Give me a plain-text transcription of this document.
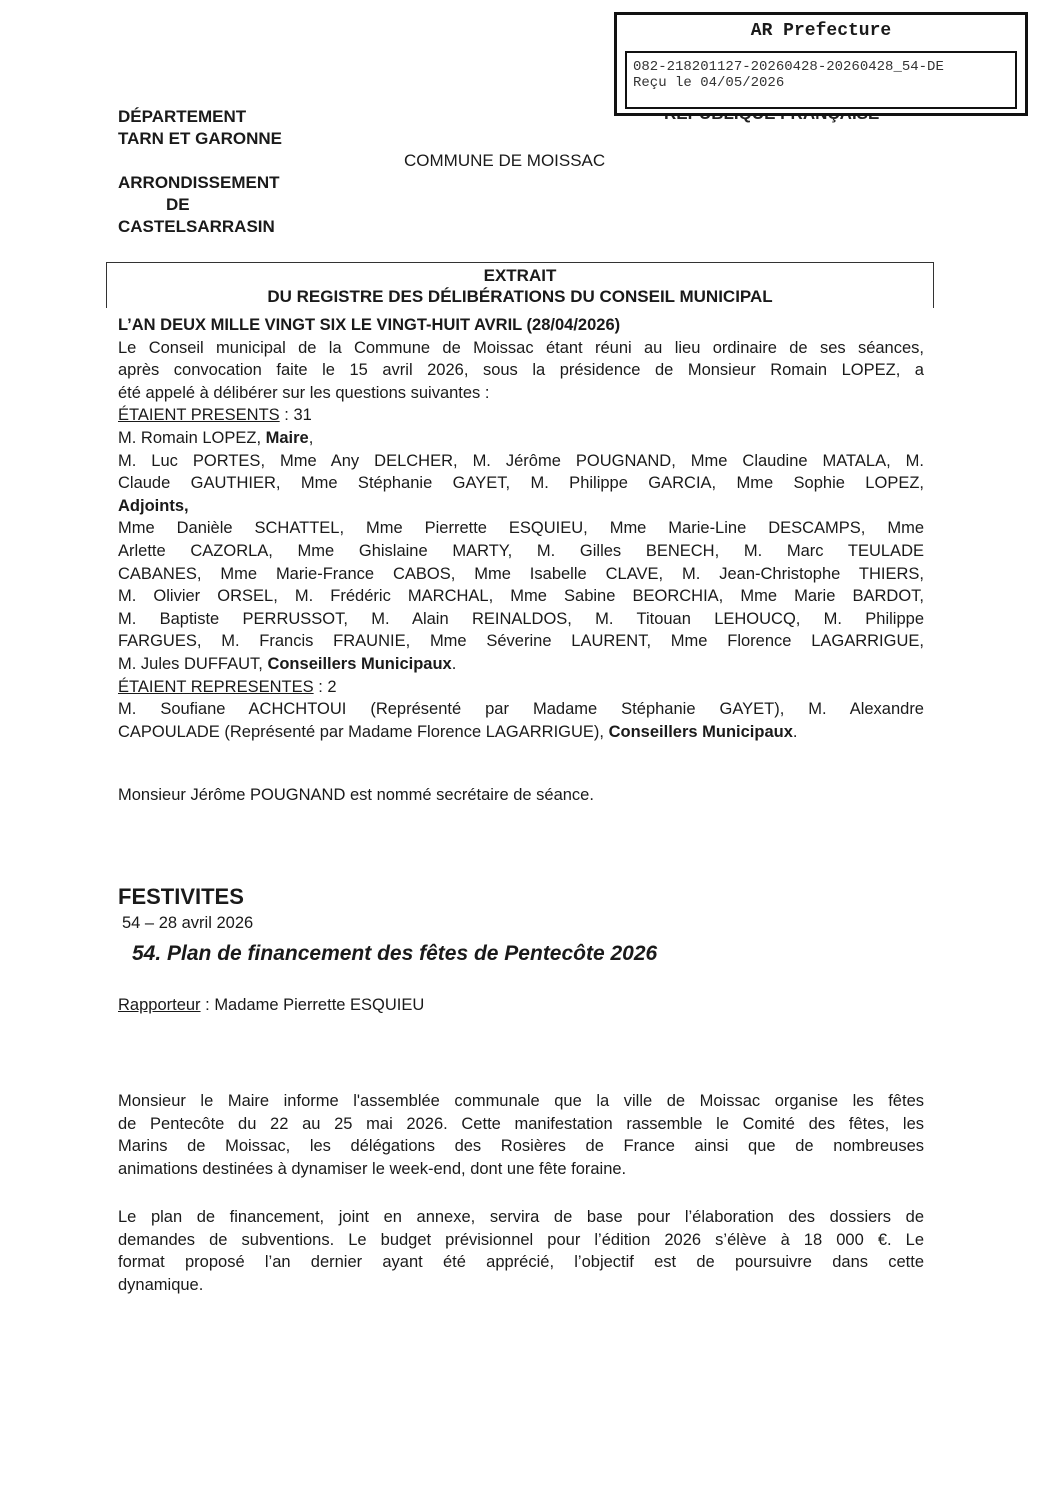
AR Prefecture
082-218201127-20260428-20260428_54-DE
Reçu le 04/05/2026
DÉPARTEMENT
TARN ET GARONNE
ARRONDISSEMENT
DE
CASTELSARRASIN
COMMUNE DE MOISSAC
EXTRAIT
DU REGISTRE DES DÉLIBÉRATIONS DU CONSEIL MUNICIPAL
L’AN DEUX MILLE VINGT SIX LE VINGT-HUIT AVRIL (28/04/2026)
Le Conseil municipal de la Commune de Moissac étant réuni au lieu ordinaire de ses séances,
après convocation faite le 15 avril 2026, sous la présidence de Monsieur Romain LOPEZ, a
été appelé à délibérer sur les questions suivantes :
ÉTAIENT PRESENTS : 31
M. Romain LOPEZ, Maire,
M. Luc PORTES, Mme Any DELCHER, M. Jérôme POUGNAND, Mme Claudine MATALA, M.
Claude GAUTHIER, Mme Stéphanie GAYET, M. Philippe GARCIA, Mme Sophie LOPEZ,
Adjoints,
Mme Danièle SCHATTEL, Mme Pierrette ESQUIEU, Mme Marie-Line DESCAMPS, Mme
Arlette CAZORLA, Mme Ghislaine MARTY, M. Gilles BENECH, M. Marc TEULADE
CABANES, Mme Marie-France CABOS, Mme Isabelle CLAVE, M. Jean-Christophe THIERS,
M. Olivier ORSEL, M. Frédéric MARCHAL, Mme Sabine BEORCHIA, Mme Marie BARDOT,
M. Baptiste PERRUSSOT, M. Alain REINALDOS, M. Titouan LEHOUCQ, M. Philippe
FARGUES, M. Francis FRAUNIE, Mme Séverine LAURENT, Mme Florence LAGARRIGUE,
M. Jules DUFFAUT, Conseillers Municipaux.
ÉTAIENT REPRESENTES : 2
M. Soufiane ACHCHTOUI (Représenté par Madame Stéphanie GAYET), M. Alexandre
CAPOULADE (Représenté par Madame Florence LAGARRIGUE), Conseillers Municipaux.
Monsieur Jérôme POUGNAND est nommé secrétaire de séance.
FESTIVITES
54 – 28 avril 2026
54. Plan de financement des fêtes de Pentecôte 2026
Rapporteur : Madame Pierrette ESQUIEU
Monsieur le Maire informe l'assemblée communale que la ville de Moissac organise les fêtes
de Pentecôte du 22 au 25 mai 2026. Cette manifestation rassemble le Comité des fêtes, les
Marins de Moissac, les délégations des Rosières de France ainsi que de nombreuses
animations destinées à dynamiser le week-end, dont une fête foraine.
Le plan de financement, joint en annexe, servira de base pour l’élaboration des dossiers de
demandes de subventions. Le budget prévisionnel pour l’édition 2026 s’élève à 18 000 €. Le
format proposé l’an dernier ayant été apprécié, l’objectif est de poursuivre dans cette
dynamique.
